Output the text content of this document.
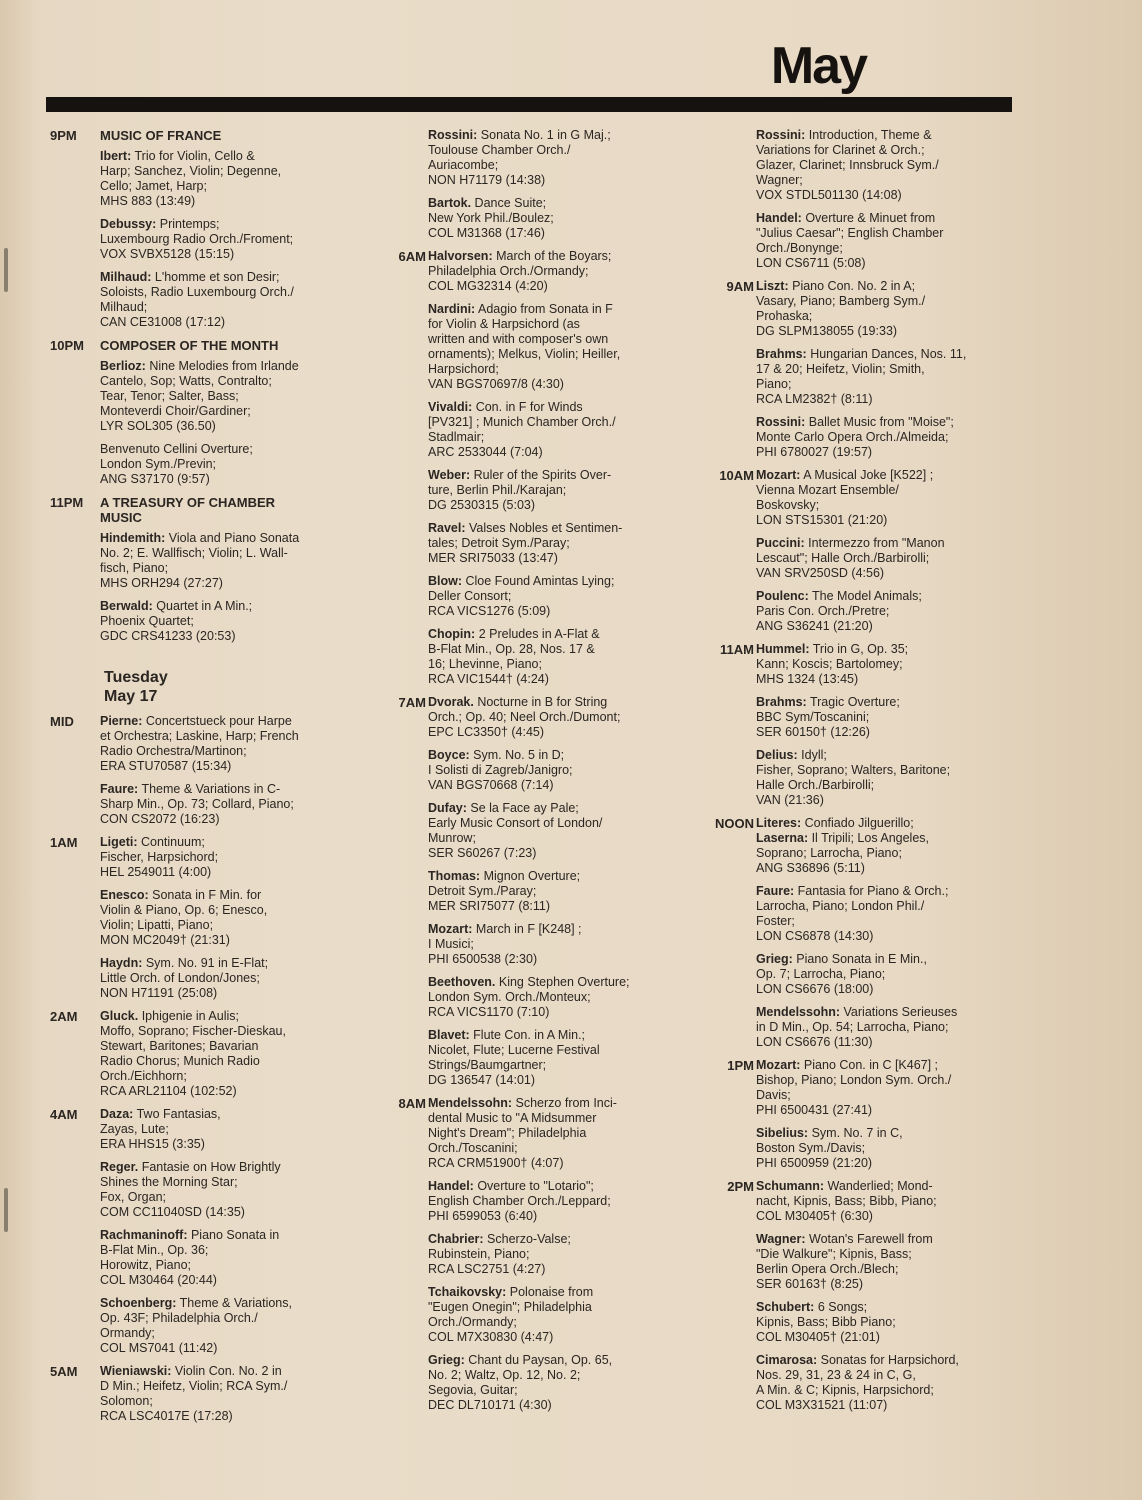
May
9PM	MUSIC OF FRANCE
Ibert: Trio for Violin, Cello &
Harp; Sanchez, Violin; Degenne,
Cello; Jamet, Harp;
MHS 883 (13:49)
Debussy: Printemps;
Luxembourg Radio Orch./Froment;
VOX SVBX5128 (15:15)
Milhaud: L'homme et son Desir;
Soloists, Radio Luxembourg Orch./
Milhaud;
CAN CE31008 (17:12)
10PM	COMPOSER OF THE MONTH
Berlioz: Nine Melodies from Irlande
Cantelo, Sop; Watts, Contralto;
Tear, Tenor; Salter, Bass;
Monteverdi Choir/Gardiner;
LYR SOL305 (36.50)
Benvenuto Cellini Overture;
London Sym./Previn;
ANG S37170 (9:57)
11PM	A TREASURY OF CHAMBER
MUSIC
Hindemith: Viola and Piano Sonata
No. 2; E. Wallfisch; Violin; L. Wall-
fisch, Piano;
MHS ORH294 (27:27)
Berwald: Quartet in A Min.;
Phoenix Quartet;
GDC CRS41233 (20:53)
Tuesday
May 17
MID	Pierne: Concertstueck pour Harpe
et Orchestra; Laskine, Harp; French
Radio Orchestra/Martinon;
ERA STU70587 (15:34)
Faure: Theme & Variations in C-
Sharp Min., Op. 73; Collard, Piano;
CON CS2072 (16:23)
1AM	Ligeti: Continuum;
Fischer, Harpsichord;
HEL 2549011 (4:00)
Enesco: Sonata in F Min. for
Violin & Piano, Op. 6; Enesco,
Violin; Lipatti, Piano;
MON MC2049† (21:31)
Haydn: Sym. No. 91 in E-Flat;
Little Orch. of London/Jones;
NON H71191 (25:08)
2AM	Gluck. Iphigenie in Aulis;
Moffo, Soprano; Fischer-Dieskau,
Stewart, Baritones; Bavarian
Radio Chorus; Munich Radio
Orch./Eichhorn;
RCA ARL21104 (102:52)
4AM	Daza: Two Fantasias,
Zayas, Lute;
ERA HHS15 (3:35)
Reger. Fantasie on How Brightly
Shines the Morning Star;
Fox, Organ;
COM CC11040SD (14:35)
Rachmaninoff: Piano Sonata in
B-Flat Min., Op. 36;
Horowitz, Piano;
COL M30464 (20:44)
Schoenberg: Theme & Variations,
Op. 43F; Philadelphia Orch./
Ormandy;
COL MS7041 (11:42)
5AM	Wieniawski: Violin Con. No. 2 in
D Min.; Heifetz, Violin; RCA Sym./
Solomon;
RCA LSC4017E (17:28)
Rossini: Sonata No. 1 in G Maj.;
Toulouse Chamber Orch./
Auriacombe;
NON H71179 (14:38)
Bartok. Dance Suite;
New York Phil./Boulez;
COL M31368 (17:46)
6AM Halvorsen: March of the Boyars;
Philadelphia Orch./Ormandy;
COL MG32314 (4:20)
Nardini: Adagio from Sonata in F
for Violin & Harpsichord (as
written and with composer's own
ornaments); Melkus, Violin; Heiller,
Harpsichord;
VAN BGS70697/8 (4:30)
Vivaldi: Con. in F for Winds
[PV321] ; Munich Chamber Orch./
Stadlmair;
ARC 2533044 (7:04)
Weber: Ruler of the Spirits Over-
ture, Berlin Phil./Karajan;
DG 2530315 (5:03)
Ravel: Valses Nobles et Sentimen-
tales; Detroit Sym./Paray;
MER SRI75033 (13:47)
Blow: Cloe Found Amintas Lying;
Deller Consort;
RCA VICS1276 (5:09)
Chopin: 2 Preludes in A-Flat &
B-Flat Min., Op. 28, Nos. 17 &
16; Lhevinne, Piano;
RCA VIC1544† (4:24)
7AM Dvorak. Nocturne in B for String
Orch.; Op. 40; Neel Orch./Dumont;
EPC LC3350† (4:45)
Boyce: Sym. No. 5 in D;
I Solisti di Zagreb/Janigro;
VAN BGS70668 (7:14)
Dufay: Se la Face ay Pale;
Early Music Consort of London/
Munrow;
SER S60267 (7:23)
Thomas: Mignon Overture;
Detroit Sym./Paray;
MER SRI75077 (8:11)
Mozart: March in F [K248] ;
I Musici;
PHI 6500538 (2:30)
Beethoven. King Stephen Overture;
London Sym. Orch./Monteux;
RCA VICS1170 (7:10)
Blavet: Flute Con. in A Min.;
Nicolet, Flute; Lucerne Festival
Strings/Baumgartner;
DG 136547 (14:01)
8AM Mendelssohn: Scherzo from Inci-
dental Music to "A Midsummer
Night's Dream"; Philadelphia
Orch./Toscanini;
RCA CRM51900† (4:07)
Handel: Overture to "Lotario";
English Chamber Orch./Leppard;
PHI 6599053 (6:40)
Chabrier: Scherzo-Valse;
Rubinstein, Piano;
RCA LSC2751 (4:27)
Tchaikovsky: Polonaise from
"Eugen Onegin"; Philadelphia
Orch./Ormandy;
COL M7X30830 (4:47)
Grieg: Chant du Paysan, Op. 65,
No. 2; Waltz, Op. 12, No. 2;
Segovia, Guitar;
DEC DL710171 (4:30)
Rossini: Introduction, Theme &
Variations for Clarinet & Orch.;
Glazer, Clarinet; Innsbruck Sym./
Wagner;
VOX STDL501130 (14:08)
Handel: Overture & Minuet from
"Julius Caesar"; English Chamber
Orch./Bonynge;
LON CS6711 (5:08)
9AM Liszt: Piano Con. No. 2 in A;
Vasary, Piano; Bamberg Sym./
Prohaska;
DG SLPM138055 (19:33)
Brahms: Hungarian Dances, Nos. 11,
17 & 20; Heifetz, Violin; Smith,
Piano;
RCA LM2382† (8:11)
Rossini: Ballet Music from "Moise";
Monte Carlo Opera Orch./Almeida;
PHI 6780027 (19:57)
10AM Mozart: A Musical Joke [K522] ;
Vienna Mozart Ensemble/
Boskovsky;
LON STS15301 (21:20)
Puccini: Intermezzo from "Manon
Lescaut"; Halle Orch./Barbirolli;
VAN SRV250SD (4:56)
Poulenc: The Model Animals;
Paris Con. Orch./Pretre;
ANG S36241 (21:20)
11AM Hummel: Trio in G, Op. 35;
Kann; Koscis; Bartolomey;
MHS 1324 (13:45)
Brahms: Tragic Overture;
BBC Sym/Toscanini;
SER 60150† (12:26)
Delius: Idyll;
Fisher, Soprano; Walters, Baritone;
Halle Orch./Barbirolli;
VAN (21:36)
NOON Literes: Confiado Jilguerillo;
Laserna: Il Tripili; Los Angeles,
Soprano; Larrocha, Piano;
ANG S36896 (5:11)
Faure: Fantasia for Piano & Orch.;
Larrocha, Piano; London Phil./
Foster;
LON CS6878 (14:30)
Grieg: Piano Sonata in E Min.,
Op. 7; Larrocha, Piano;
LON CS6676 (18:00)
Mendelssohn: Variations Serieuses
in D Min., Op. 54; Larrocha, Piano;
LON CS6676 (11:30)
1PM Mozart: Piano Con. in C [K467] ;
Bishop, Piano; London Sym. Orch./
Davis;
PHI 6500431 (27:41)
Sibelius: Sym. No. 7 in C,
Boston Sym./Davis;
PHI 6500959 (21:20)
2PM Schumann: Wanderlied; Mond-
nacht, Kipnis, Bass; Bibb, Piano;
COL M30405† (6:30)
Wagner: Wotan's Farewell from
"Die Walkure"; Kipnis, Bass;
Berlin Opera Orch./Blech;
SER 60163† (8:25)
Schubert: 6 Songs;
Kipnis, Bass; Bibb Piano;
COL M30405† (21:01)
Cimarosa: Sonatas for Harpsichord,
Nos. 29, 31, 23 & 24 in C, G,
A Min. & C; Kipnis, Harpsichord;
COL M3X31521 (11:07)
